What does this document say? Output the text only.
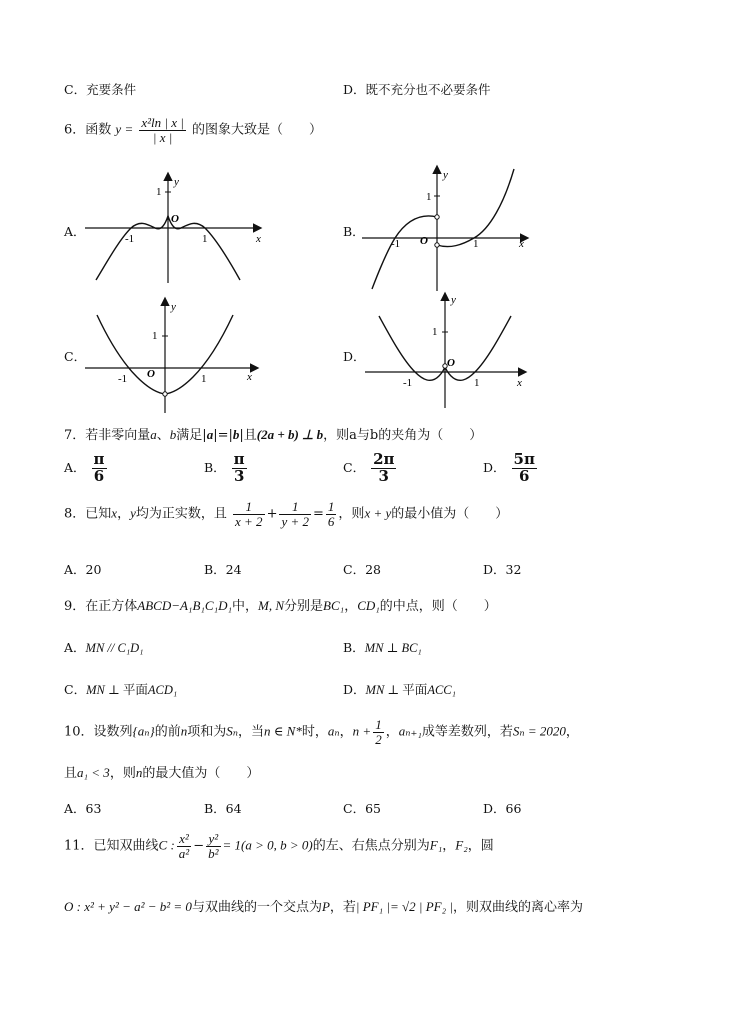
C．充要条件	D．既不充分也不必要条件
6．函数 $y = \frac{\text{x²ln | x |}}{| x |}$ 的图象大致是（　　）
A．	B．
C．	D．
1
y
O
-1	1	x
1
y
O
-1	1	x
1
y
O
-1	1	x
1
y
O
-1	1	x
7．若非零向量a、b满足|a|=|b|且(2a + b) ⊥ b，则a与b的夹角为（　　）
A． $\frac{\pi}{6}$	B． $\frac{\pi}{3}$	C． $\frac{2\pi}{3}$	D． $\frac{5\pi}{6}$
8．已知x，y均为正实数，且 $\frac{1}{x + 2} + \frac{1}{y + 2} = \frac{1}{6}$ ，则x + y的最小值为（　　）
A．20	B．24	C．28	D．32
9．在正方体ABCD−A₁B₁C₁D₁中，M, N分别是BC₁，CD₁的中点，则（　　）
A．MN // C₁D₁	B．MN ⊥ BC₁
C．MN ⊥ 平面ACD₁	D．MN ⊥ 平面ACC₁
10．设数列{aₙ}的前n项和为Sₙ，当n ∈ N*时，aₙ，$n + \frac{1}{2}$ ，aₙ₊₁成等差数列，若Sₙ = 2020，
且a₁ < 3，则n的最大值为（　　）
A．63	B．64	C．65	D．66
11．已知双曲线C : $\frac{\text{x²}}{\text{a²}} - \frac{\text{y²}}{\text{b²}} = 1(a > 0$, b > 0)的左、右焦点分别为F₁，F₂，圆
O : x² + y² − a² − b² = 0与双曲线的一个交点为P，若| PF₁ |= √2 | PF₂ |，则双曲线的离心率为
